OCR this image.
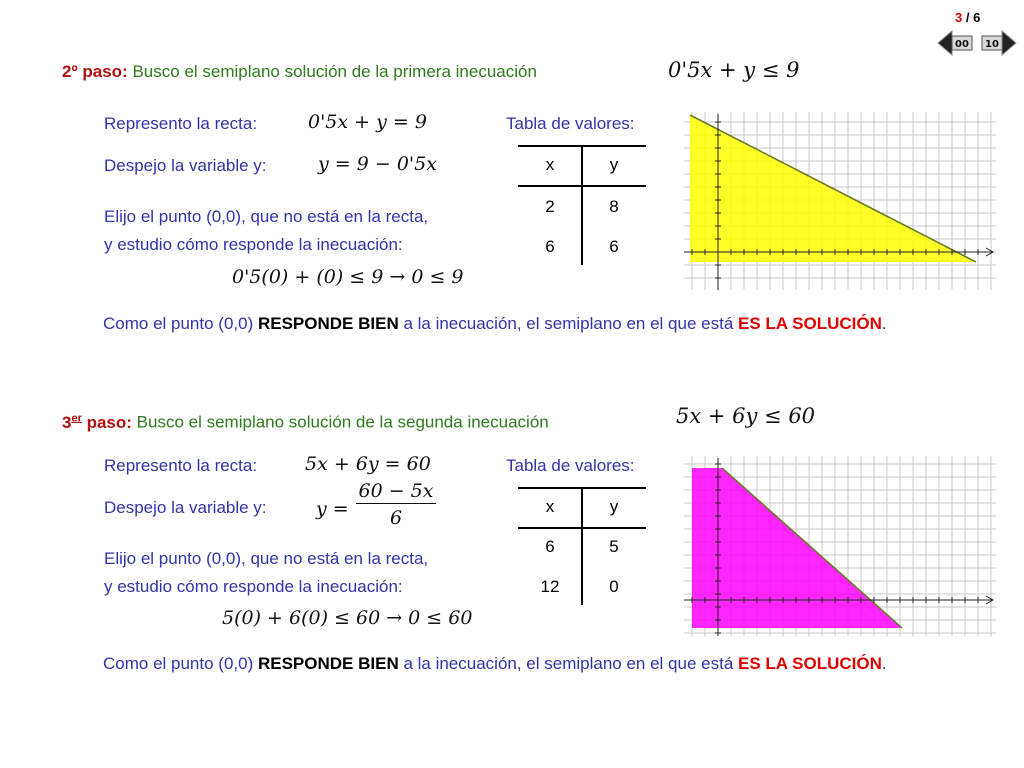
3 / 6
00 10
2º paso: Busco el semiplano solución de la primera inecuación	0'5x + y ≤ 9
Represento la recta:	0'5x + y = 9
Despejo la variable y:	y = 9 − 0'5x
Elijo el punto (0,0), que no está en la recta,
y estudio cómo responde la inecuación:
0'5(0) + (0) ≤ 9 → 0 ≤ 9
Tabla de valores:
x	y
2	8
6	6
Como el punto (0,0) RESPONDE BIEN a la inecuación, el semiplano en el que está ES LA SOLUCIÓN.
3er paso: Busco el semiplano solución de la segunda inecuación	5x + 6y ≤ 60
Represento la recta:	5x + 6y = 60
Despejo la variable y:	$y = \frac{60 - 5x}{6}$
Elijo el punto (0,0), que no está en la recta,
y estudio cómo responde la inecuación:
5(0) + 6(0) ≤ 60 → 0 ≤ 60
Tabla de valores:
x	y
6	5
12	0
Como el punto (0,0) RESPONDE BIEN a la inecuación, el semiplano en el que está ES LA SOLUCIÓN.
